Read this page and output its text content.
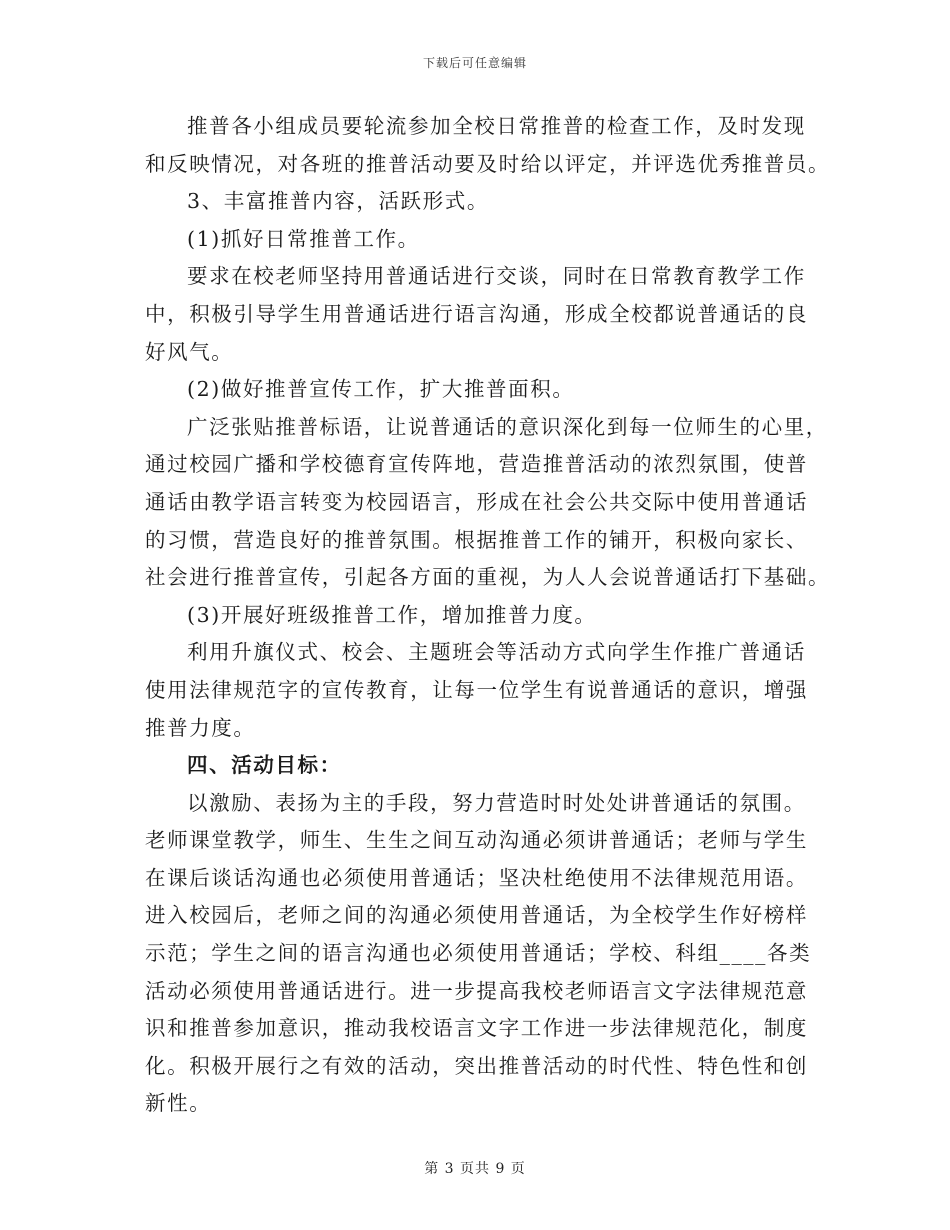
下载后可任意编辑
推普各小组成员要轮流参加全校日常推普的检查工作，及时发现
和反映情况，对各班的推普活动要及时给以评定，并评选优秀推普员。
3、丰富推普内容，活跃形式。
(1)抓好日常推普工作。
要求在校老师坚持用普通话进行交谈，同时在日常教育教学工作
中，积极引导学生用普通话进行语言沟通，形成全校都说普通话的良
好风气。
(2)做好推普宣传工作，扩大推普面积。
广泛张贴推普标语，让说普通话的意识深化到每一位师生的心里，
通过校园广播和学校德育宣传阵地，营造推普活动的浓烈氛围，使普
通话由教学语言转变为校园语言，形成在社会公共交际中使用普通话
的习惯，营造良好的推普氛围。根据推普工作的铺开，积极向家长、
社会进行推普宣传，引起各方面的重视，为人人会说普通话打下基础。
(3)开展好班级推普工作，增加推普力度。
利用升旗仪式、校会、主题班会等活动方式向学生作推广普通话
使用法律规范字的宣传教育，让每一位学生有说普通话的意识，增强
推普力度。
四、活动目标：
以激励、表扬为主的手段，努力营造时时处处讲普通话的氛围。
老师课堂教学，师生、生生之间互动沟通必须讲普通话；老师与学生
在课后谈话沟通也必须使用普通话；坚决杜绝使用不法律规范用语。
进入校园后，老师之间的沟通必须使用普通话，为全校学生作好榜样
示范；学生之间的语言沟通也必须使用普通话；学校、科组____各类
活动必须使用普通话进行。进一步提高我校老师语言文字法律规范意
识和推普参加意识，推动我校语言文字工作进一步法律规范化，制度
化。积极开展行之有效的活动，突出推普活动的时代性、特色性和创
新性。
第 3 页共 9 页
